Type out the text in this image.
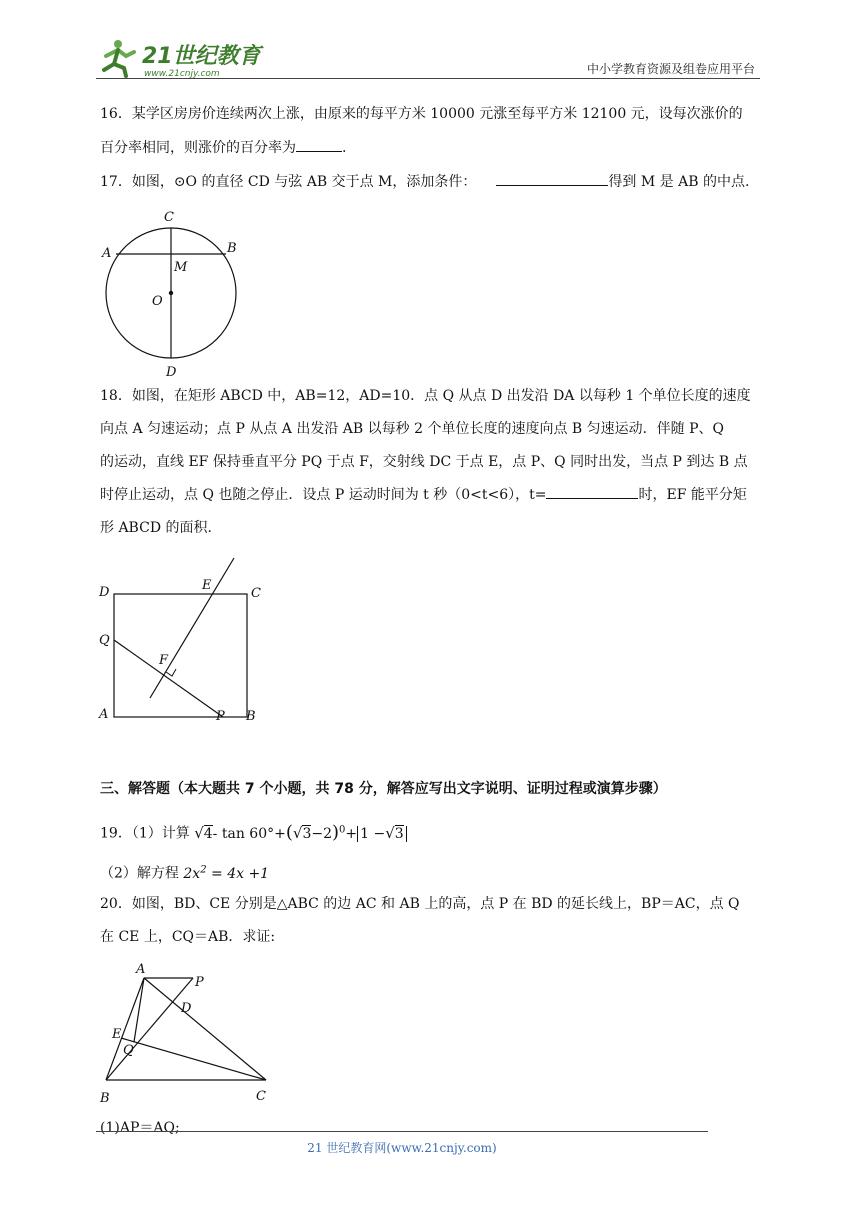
21世纪教育
www.21cnjy.com	中小学教育资源及组卷应用平台
16．某学区房房价连续两次上涨，由原来的每平方米 10000 元涨至每平方米 12100 元，设每次涨价的
百分率相同，则涨价的百分率为	.
17．如图，⊙O 的直径 CD 与弦 AB 交于点 M，添加条件：	得到 M 是 AB 的中点.
C
A	B
M
O
D
18．如图，在矩形 ABCD 中，AB=12，AD=10．点 Q 从点 D 出发沿 DA 以每秒 1 个单位长度的速度
向点 A 匀速运动；点 P 从点 A 出发沿 AB 以每秒 2 个单位长度的速度向点 B 匀速运动．伴随 P、Q
的运动，直线 EF 保持垂直平分 PQ 于点 F，交射线 DC 于点 E，点 P、Q 同时出发，当点 P 到达 B 点
时停止运动，点 Q 也随之停止．设点 P 运动时间为 t 秒（0<t<6），t=	时，EF 能平分矩
形 ABCD 的面积.
D	C
E
Q
F
A	P B
三、解答题（本大题共 7 个小题，共 78 分，解答应写出文字说明、证明过程或演算步骤）
19．（1）计算 √4- $\tan 60^\circ+(√3-2)^0+ 1 -√3$
（2）解方程 $2x^2 = 4x +1$
20．如图，BD、CE 分别是△ABC 的边 AC 和 AB 上的高，点 P 在 BD 的延长线上，BP＝AC，点 Q
在 CE 上，CQ＝AB．求证:
A
P
D
E
Q
B	C
(1)AP＝AQ;
21 世纪教育网(www.21cnjy.com)
